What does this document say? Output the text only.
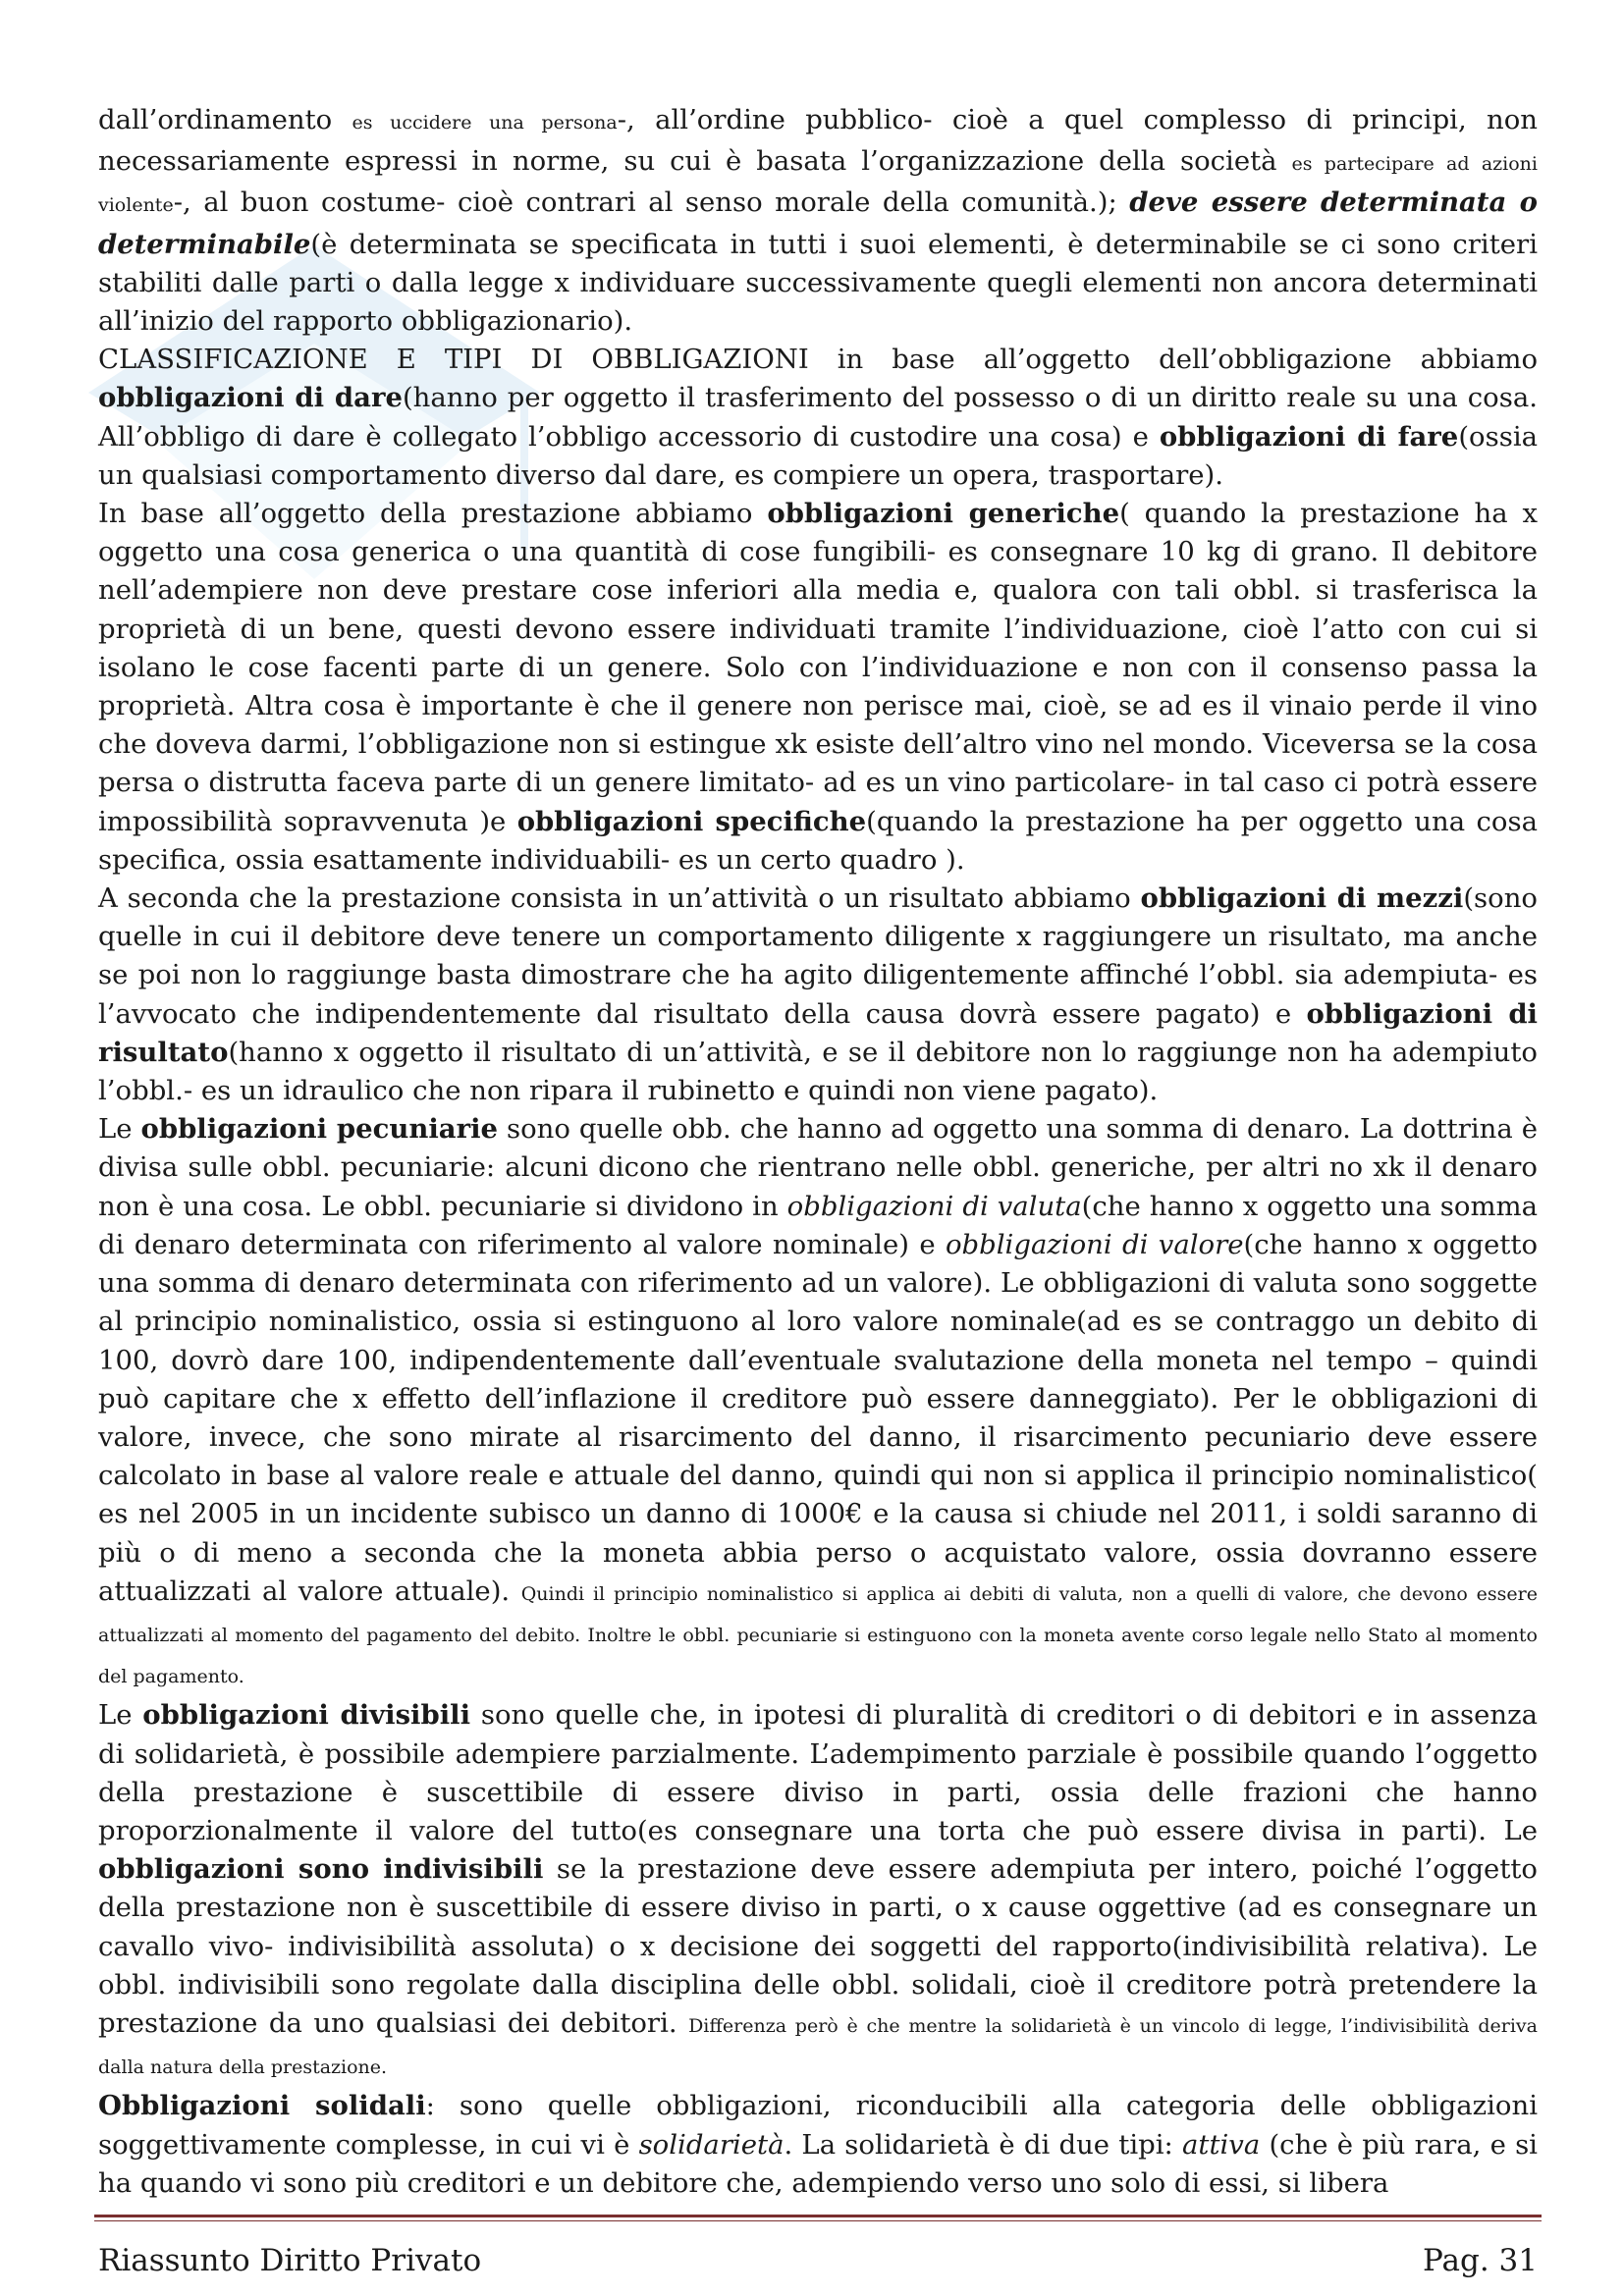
dall’ordinamento es uccidere una persona-, all’ordine pubblico- cioè a quel complesso di principi, non necessariamente espressi in norme, su cui è basata l’organizzazione della società es partecipare ad azioni violente-, al buon costume- cioè contrari al senso morale della comunità.); deve essere determinata o determinabile(è determinata se specificata in tutti i suoi elementi, è determinabile se ci sono criteri stabiliti dalle parti o dalla legge x individuare successivamente quegli elementi non ancora determinati all’inizio del rapporto obbligazionario).

CLASSIFICAZIONE E TIPI DI OBBLIGAZIONI in base all’oggetto dell’obbligazione abbiamo obbligazioni di dare(hanno per oggetto il trasferimento del possesso o di un diritto reale su una cosa. All’obbligo di dare è collegato l’obbligo accessorio di custodire una cosa) e obbligazioni di fare(ossia un qualsiasi comportamento diverso dal dare, es compiere un opera, trasportare).

In base all’oggetto della prestazione abbiamo obbligazioni generiche( quando la prestazione ha x oggetto una cosa generica o una quantità di cose fungibili- es consegnare 10 kg di grano. Il debitore nell’adempiere non deve prestare cose inferiori alla media e, qualora con tali obbl. si trasferisca la proprietà di un bene, questi devono essere individuati tramite l’individuazione, cioè l’atto con cui si isolano le cose facenti parte di un genere. Solo con l’individuazione e non con il consenso passa la proprietà. Altra cosa è importante è che il genere non perisce mai, cioè, se ad es il vinaio perde il vino che doveva darmi, l’obbligazione non si estingue xk esiste dell’altro vino nel mondo. Viceversa se la cosa persa o distrutta faceva parte di un genere limitato- ad es un vino particolare- in tal caso ci potrà essere impossibilità sopravvenuta )e obbligazioni specifiche(quando la prestazione ha per oggetto una cosa specifica, ossia esattamente individuabili- es un certo quadro ).

A seconda che la prestazione consista in un’attività o un risultato abbiamo obbligazioni di mezzi(sono quelle in cui il debitore deve tenere un comportamento diligente x raggiungere un risultato, ma anche se poi non lo raggiunge basta dimostrare che ha agito diligentemente affinché l’obbl. sia adempiuta- es l’avvocato che indipendentemente dal risultato della causa dovrà essere pagato) e obbligazioni di risultato(hanno x oggetto il risultato di un’attività, e se il debitore non lo raggiunge non ha adempiuto l’obbl.- es un idraulico che non ripara il rubinetto e quindi non viene pagato).

Le obbligazioni pecuniarie sono quelle obb. che hanno ad oggetto una somma di denaro. La dottrina è divisa sulle obbl. pecuniarie: alcuni dicono che rientrano nelle obbl. generiche, per altri no xk il denaro non è una cosa. Le obbl. pecuniarie si dividono in obbligazioni di valuta(che hanno x oggetto una somma di denaro determinata con riferimento al valore nominale) e obbligazioni di valore(che hanno x oggetto una somma di denaro determinata con riferimento ad un valore). Le obbligazioni di valuta sono soggette al principio nominalistico, ossia si estinguono al loro valore nominale(ad es se contraggo un debito di 100, dovrò dare 100, indipendentemente dall’eventuale svalutazione della moneta nel tempo – quindi può capitare che x effetto dell’inflazione il creditore può essere danneggiato). Per le obbligazioni di valore, invece, che sono mirate al risarcimento del danno, il risarcimento pecuniario deve essere calcolato in base al valore reale e attuale del danno, quindi qui non si applica il principio nominalistico( es nel 2005 in un incidente subisco un danno di 1000€ e la causa si chiude nel 2011, i soldi saranno di più o di meno a seconda che la moneta abbia perso o acquistato valore, ossia dovranno essere attualizzati al valore attuale). Quindi il principio nominalistico si applica ai debiti di valuta, non a quelli di valore, che devono essere attualizzati al momento del pagamento del debito. Inoltre le obbl. pecuniarie si estinguono con la moneta avente corso legale nello Stato al momento del pagamento.

Le obbligazioni divisibili sono quelle che, in ipotesi di pluralità di creditori o di debitori e in assenza di solidarietà, è possibile adempiere parzialmente. L’adempimento parziale è possibile quando l’oggetto della prestazione è suscettibile di essere diviso in parti, ossia delle frazioni che hanno proporzionalmente il valore del tutto(es consegnare una torta che può essere divisa in parti). Le obbligazioni sono indivisibili se la prestazione deve essere adempiuta per intero, poiché l’oggetto della prestazione non è suscettibile di essere diviso in parti, o x cause oggettive (ad es consegnare un cavallo vivo- indivisibilità assoluta) o x decisione dei soggetti del rapporto(indivisibilità relativa). Le obbl. indivisibili sono regolate dalla disciplina delle obbl. solidali, cioè il creditore potrà pretendere la prestazione da uno qualsiasi dei debitori. Differenza però è che mentre la solidarietà è un vincolo di legge, l’indivisibilità deriva dalla natura della prestazione.

Obbligazioni solidali: sono quelle obbligazioni, riconducibili alla categoria delle obbligazioni soggettivamente complesse, in cui vi è solidarietà. La solidarietà è di due tipi: attiva (che è più rara, e si ha quando vi sono più creditori e un debitore che, adempiendo verso uno solo di essi, si libera

Riassunto Diritto Privato	Pag. 31
